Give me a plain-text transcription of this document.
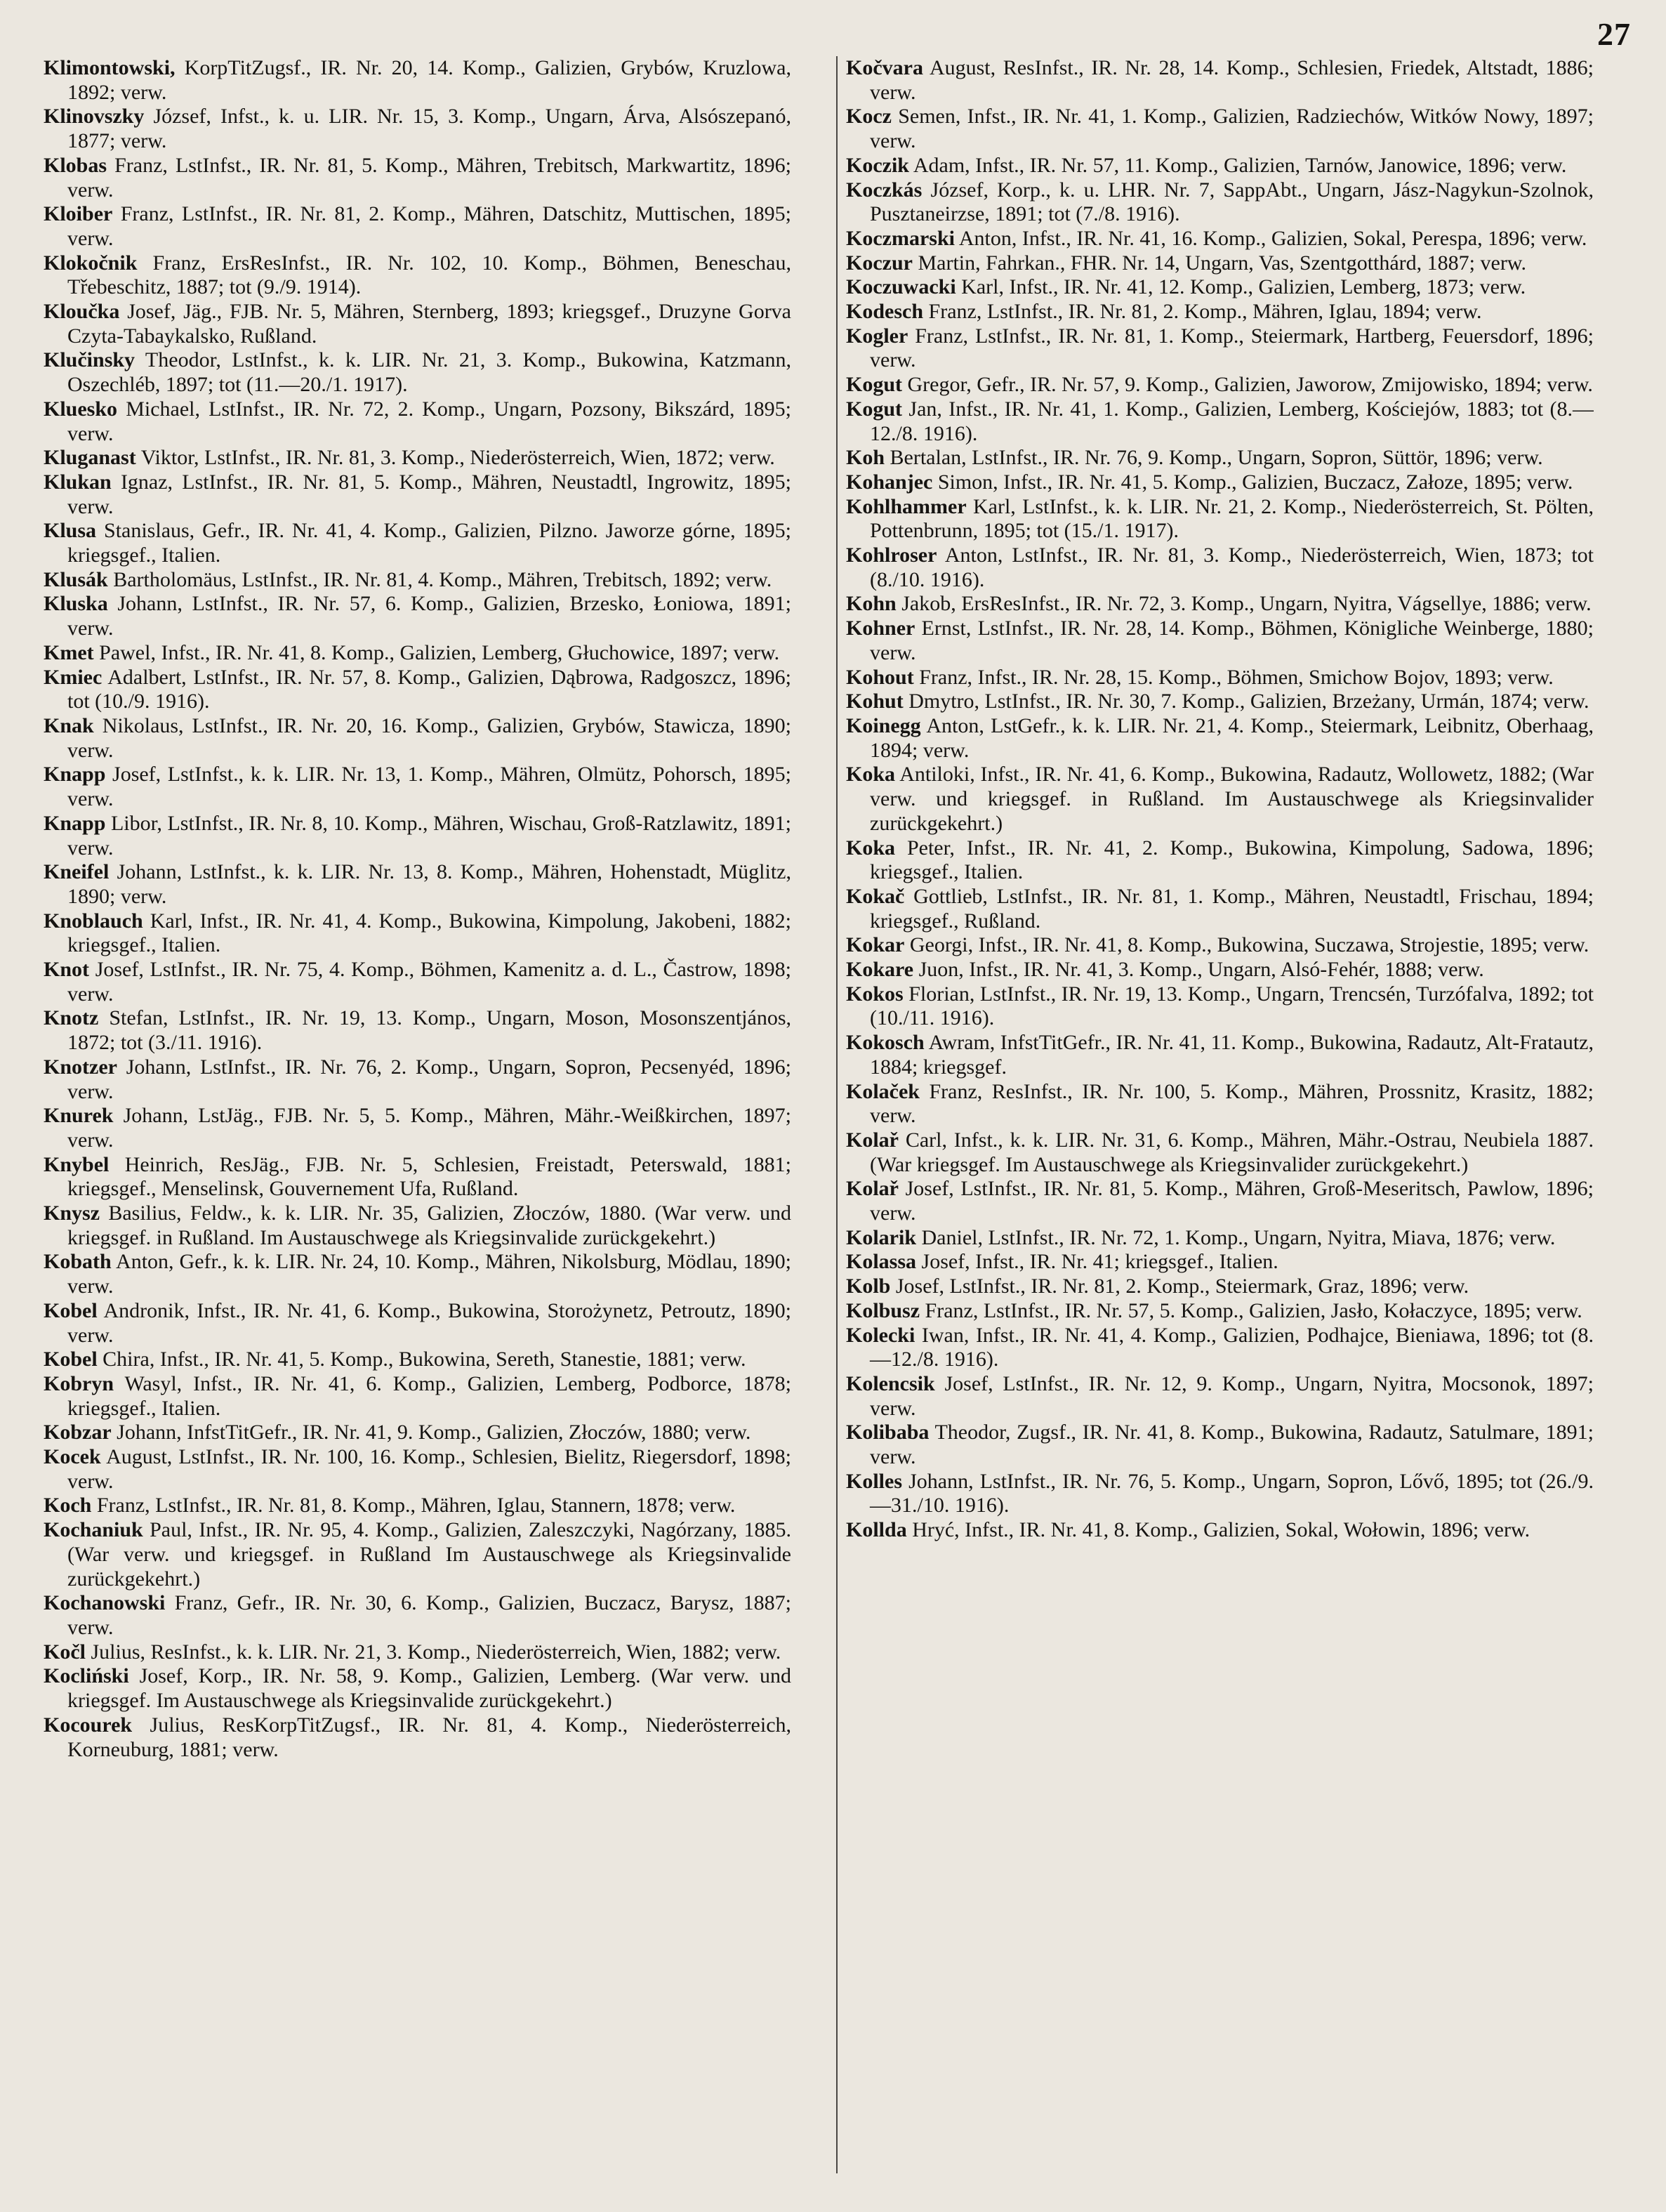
27

Klimontowski, KorpTitZugsf., IR. Nr. 20, 14. Komp., Galizien, Grybów, Kruzlowa, 1892; verw.

Klinovszky József, Infst., k. u. LIR. Nr. 15, 3. Komp., Ungarn, Árva, Alsószepanó, 1877; verw.

Klobas Franz, LstInfst., IR. Nr. 81, 5. Komp., Mähren, Trebitsch, Markwartitz, 1896; verw.

Kloiber Franz, LstInfst., IR. Nr. 81, 2. Komp., Mähren, Datschitz, Muttischen, 1895; verw.

Klokočnik Franz, ErsResInfst., IR. Nr. 102, 10. Komp., Böhmen, Beneschau, Třebeschitz, 1887; tot (9./9. 1914).

Kloučka Josef, Jäg., FJB. Nr. 5, Mähren, Sternberg, 1893; kriegsgef., Druzyne Gorva Czyta-Tabaykalsko, Rußland.

Klučinsky Theodor, LstInfst., k. k. LIR. Nr. 21, 3. Komp., Bukowina, Katzmann, Oszechléb, 1897; tot (11.—20./1. 1917).

Kluesko Michael, LstInfst., IR. Nr. 72, 2. Komp., Ungarn, Pozsony, Bikszárd, 1895; verw.

Kluganast Viktor, LstInfst., IR. Nr. 81, 3. Komp., Niederösterreich, Wien, 1872; verw.

Klukan Ignaz, LstInfst., IR. Nr. 81, 5. Komp., Mähren, Neustadtl, Ingrowitz, 1895; verw.

Klusa Stanislaus, Gefr., IR. Nr. 41, 4. Komp., Galizien, Pilzno. Jaworze górne, 1895; kriegsgef., Italien.

Klusák Bartholomäus, LstInfst., IR. Nr. 81, 4. Komp., Mähren, Trebitsch, 1892; verw.

Kluska Johann, LstInfst., IR. Nr. 57, 6. Komp., Galizien, Brzesko, Łoniowa, 1891; verw.

Kmet Pawel, Infst., IR. Nr. 41, 8. Komp., Galizien, Lemberg, Głuchowice, 1897; verw.

Kmiec Adalbert, LstInfst., IR. Nr. 57, 8. Komp., Galizien, Dąbrowa, Radgoszcz, 1896; tot (10./9. 1916).

Knak Nikolaus, LstInfst., IR. Nr. 20, 16. Komp., Galizien, Grybów, Stawicza, 1890; verw.

Knapp Josef, LstInfst., k. k. LIR. Nr. 13, 1. Komp., Mähren, Olmütz, Pohorsch, 1895; verw.

Knapp Libor, LstInfst., IR. Nr. 8, 10. Komp., Mähren, Wischau, Groß-Ratzlawitz, 1891; verw.

Kneifel Johann, LstInfst., k. k. LIR. Nr. 13, 8. Komp., Mähren, Hohenstadt, Müglitz, 1890; verw.

Knoblauch Karl, Infst., IR. Nr. 41, 4. Komp., Bukowina, Kimpolung, Jakobeni, 1882; kriegsgef., Italien.

Knot Josef, LstInfst., IR. Nr. 75, 4. Komp., Böhmen, Kamenitz a. d. L., Častrow, 1898; verw.

Knotz Stefan, LstInfst., IR. Nr. 19, 13. Komp., Ungarn, Moson, Mosonszentjános, 1872; tot (3./11. 1916).

Knotzer Johann, LstInfst., IR. Nr. 76, 2. Komp., Ungarn, Sopron, Pecsenyéd, 1896; verw.

Knurek Johann, LstJäg., FJB. Nr. 5, 5. Komp., Mähren, Mähr.-Weißkirchen, 1897; verw.

Knybel Heinrich, ResJäg., FJB. Nr. 5, Schlesien, Freistadt, Peterswald, 1881; kriegsgef., Menselinsk, Gouvernement Ufa, Rußland.

Knysz Basilius, Feldw., k. k. LIR. Nr. 35, Galizien, Złoczów, 1880. (War verw. und kriegsgef. in Rußland. Im Austauschwege als Kriegsinvalide zurückgekehrt.)

Kobath Anton, Gefr., k. k. LIR. Nr. 24, 10. Komp., Mähren, Nikolsburg, Mödlau, 1890; verw.

Kobel Andronik, Infst., IR. Nr. 41, 6. Komp., Bukowina, Storożynetz, Petroutz, 1890; verw.

Kobel Chira, Infst., IR. Nr. 41, 5. Komp., Bukowina, Sereth, Stanestie, 1881; verw.

Kobryn Wasyl, Infst., IR. Nr. 41, 6. Komp., Galizien, Lemberg, Podborce, 1878; kriegsgef., Italien.

Kobzar Johann, InfstTitGefr., IR. Nr. 41, 9. Komp., Galizien, Złoczów, 1880; verw.

Kocek August, LstInfst., IR. Nr. 100, 16. Komp., Schlesien, Bielitz, Riegersdorf, 1898; verw.

Koch Franz, LstInfst., IR. Nr. 81, 8. Komp., Mähren, Iglau, Stannern, 1878; verw.

Kochaniuk Paul, Infst., IR. Nr. 95, 4. Komp., Galizien, Zaleszczyki, Nagórzany, 1885. (War verw. und kriegsgef. in Rußland Im Austauschwege als Kriegsinvalide zurückgekehrt.)

Kochanowski Franz, Gefr., IR. Nr. 30, 6. Komp., Galizien, Buczacz, Barysz, 1887; verw.

Kočl Julius, ResInfst., k. k. LIR. Nr. 21, 3. Komp., Niederösterreich, Wien, 1882; verw.

Kocliński Josef, Korp., IR. Nr. 58, 9. Komp., Galizien, Lemberg. (War verw. und kriegsgef. Im Austauschwege als Kriegsinvalide zurückgekehrt.)

Kocourek Julius, ResKorpTitZugsf., IR. Nr. 81, 4. Komp., Niederösterreich, Korneuburg, 1881; verw.

Kočvara August, ResInfst., IR. Nr. 28, 14. Komp., Schlesien, Friedek, Altstadt, 1886; verw.

Kocz Semen, Infst., IR. Nr. 41, 1. Komp., Galizien, Radziechów, Witków Nowy, 1897; verw.

Koczik Adam, Infst., IR. Nr. 57, 11. Komp., Galizien, Tarnów, Janowice, 1896; verw.

Koczkás József, Korp., k. u. LHR. Nr. 7, SappAbt., Ungarn, Jász-Nagykun-Szolnok, Pusztaneirzse, 1891; tot (7./8. 1916).

Koczmarski Anton, Infst., IR. Nr. 41, 16. Komp., Galizien, Sokal, Perespa, 1896; verw.

Koczur Martin, Fahrkan., FHR. Nr. 14, Ungarn, Vas, Szentgotthárd, 1887; verw.

Koczuwacki Karl, Infst., IR. Nr. 41, 12. Komp., Galizien, Lemberg, 1873; verw.

Kodesch Franz, LstInfst., IR. Nr. 81, 2. Komp., Mähren, Iglau, 1894; verw.

Kogler Franz, LstInfst., IR. Nr. 81, 1. Komp., Steiermark, Hartberg, Feuersdorf, 1896; verw.

Kogut Gregor, Gefr., IR. Nr. 57, 9. Komp., Galizien, Jaworow, Zmijowisko, 1894; verw.

Kogut Jan, Infst., IR. Nr. 41, 1. Komp., Galizien, Lemberg, Kościejów, 1883; tot (8.—12./8. 1916).

Koh Bertalan, LstInfst., IR. Nr. 76, 9. Komp., Ungarn, Sopron, Süttör, 1896; verw.

Kohanjec Simon, Infst., IR. Nr. 41, 5. Komp., Galizien, Buczacz, Załoze, 1895; verw.

Kohlhammer Karl, LstInfst., k. k. LIR. Nr. 21, 2. Komp., Niederösterreich, St. Pölten, Pottenbrunn, 1895; tot (15./1. 1917).

Kohlroser Anton, LstInfst., IR. Nr. 81, 3. Komp., Niederösterreich, Wien, 1873; tot (8./10. 1916).

Kohn Jakob, ErsResInfst., IR. Nr. 72, 3. Komp., Ungarn, Nyitra, Vágsellye, 1886; verw.

Kohner Ernst, LstInfst., IR. Nr. 28, 14. Komp., Böhmen, Königliche Weinberge, 1880; verw.

Kohout Franz, Infst., IR. Nr. 28, 15. Komp., Böhmen, Smichow Bojov, 1893; verw.

Kohut Dmytro, LstInfst., IR. Nr. 30, 7. Komp., Galizien, Brzeżany, Urmán, 1874; verw.

Koinegg Anton, LstGefr., k. k. LIR. Nr. 21, 4. Komp., Steiermark, Leibnitz, Oberhaag, 1894; verw.

Koka Antiloki, Infst., IR. Nr. 41, 6. Komp., Bukowina, Radautz, Wollowetz, 1882; (War verw. und kriegsgef. in Rußland. Im Austauschwege als Kriegsinvalider zurückgekehrt.)

Koka Peter, Infst., IR. Nr. 41, 2. Komp., Bukowina, Kimpolung, Sadowa, 1896; kriegsgef., Italien.

Kokač Gottlieb, LstInfst., IR. Nr. 81, 1. Komp., Mähren, Neustadtl, Frischau, 1894; kriegsgef., Rußland.

Kokar Georgi, Infst., IR. Nr. 41, 8. Komp., Bukowina, Suczawa, Strojestie, 1895; verw.

Kokare Juon, Infst., IR. Nr. 41, 3. Komp., Ungarn, Alsó-Fehér, 1888; verw.

Kokos Florian, LstInfst., IR. Nr. 19, 13. Komp., Ungarn, Trencsén, Turzófalva, 1892; tot (10./11. 1916).

Kokosch Awram, InfstTitGefr., IR. Nr. 41, 11. Komp., Bukowina, Radautz, Alt-Fratautz, 1884; kriegsgef.

Kolaček Franz, ResInfst., IR. Nr. 100, 5. Komp., Mähren, Prossnitz, Krasitz, 1882; verw.

Kolař Carl, Infst., k. k. LIR. Nr. 31, 6. Komp., Mähren, Mähr.-Ostrau, Neubiela 1887. (War kriegsgef. Im Austauschwege als Kriegsinvalider zurückgekehrt.)

Kolař Josef, LstInfst., IR. Nr. 81, 5. Komp., Mähren, Groß-Meseritsch, Pawlow, 1896; verw.

Kolarik Daniel, LstInfst., IR. Nr. 72, 1. Komp., Ungarn, Nyitra, Miava, 1876; verw.

Kolassa Josef, Infst., IR. Nr. 41; kriegsgef., Italien.

Kolb Josef, LstInfst., IR. Nr. 81, 2. Komp., Steiermark, Graz, 1896; verw.

Kolbusz Franz, LstInfst., IR. Nr. 57, 5. Komp., Galizien, Jasło, Kołaczyce, 1895; verw.

Kolecki Iwan, Infst., IR. Nr. 41, 4. Komp., Galizien, Podhajce, Bieniawa, 1896; tot (8.—12./8. 1916).

Kolencsik Josef, LstInfst., IR. Nr. 12, 9. Komp., Ungarn, Nyitra, Mocsonok, 1897; verw.

Kolibaba Theodor, Zugsf., IR. Nr. 41, 8. Komp., Bukowina, Radautz, Satulmare, 1891; verw.

Kolles Johann, LstInfst., IR. Nr. 76, 5. Komp., Ungarn, Sopron, Lővő, 1895; tot (26./9.—31./10. 1916).

Kollda Hryć, Infst., IR. Nr. 41, 8. Komp., Galizien, Sokal, Wołowin, 1896; verw.
